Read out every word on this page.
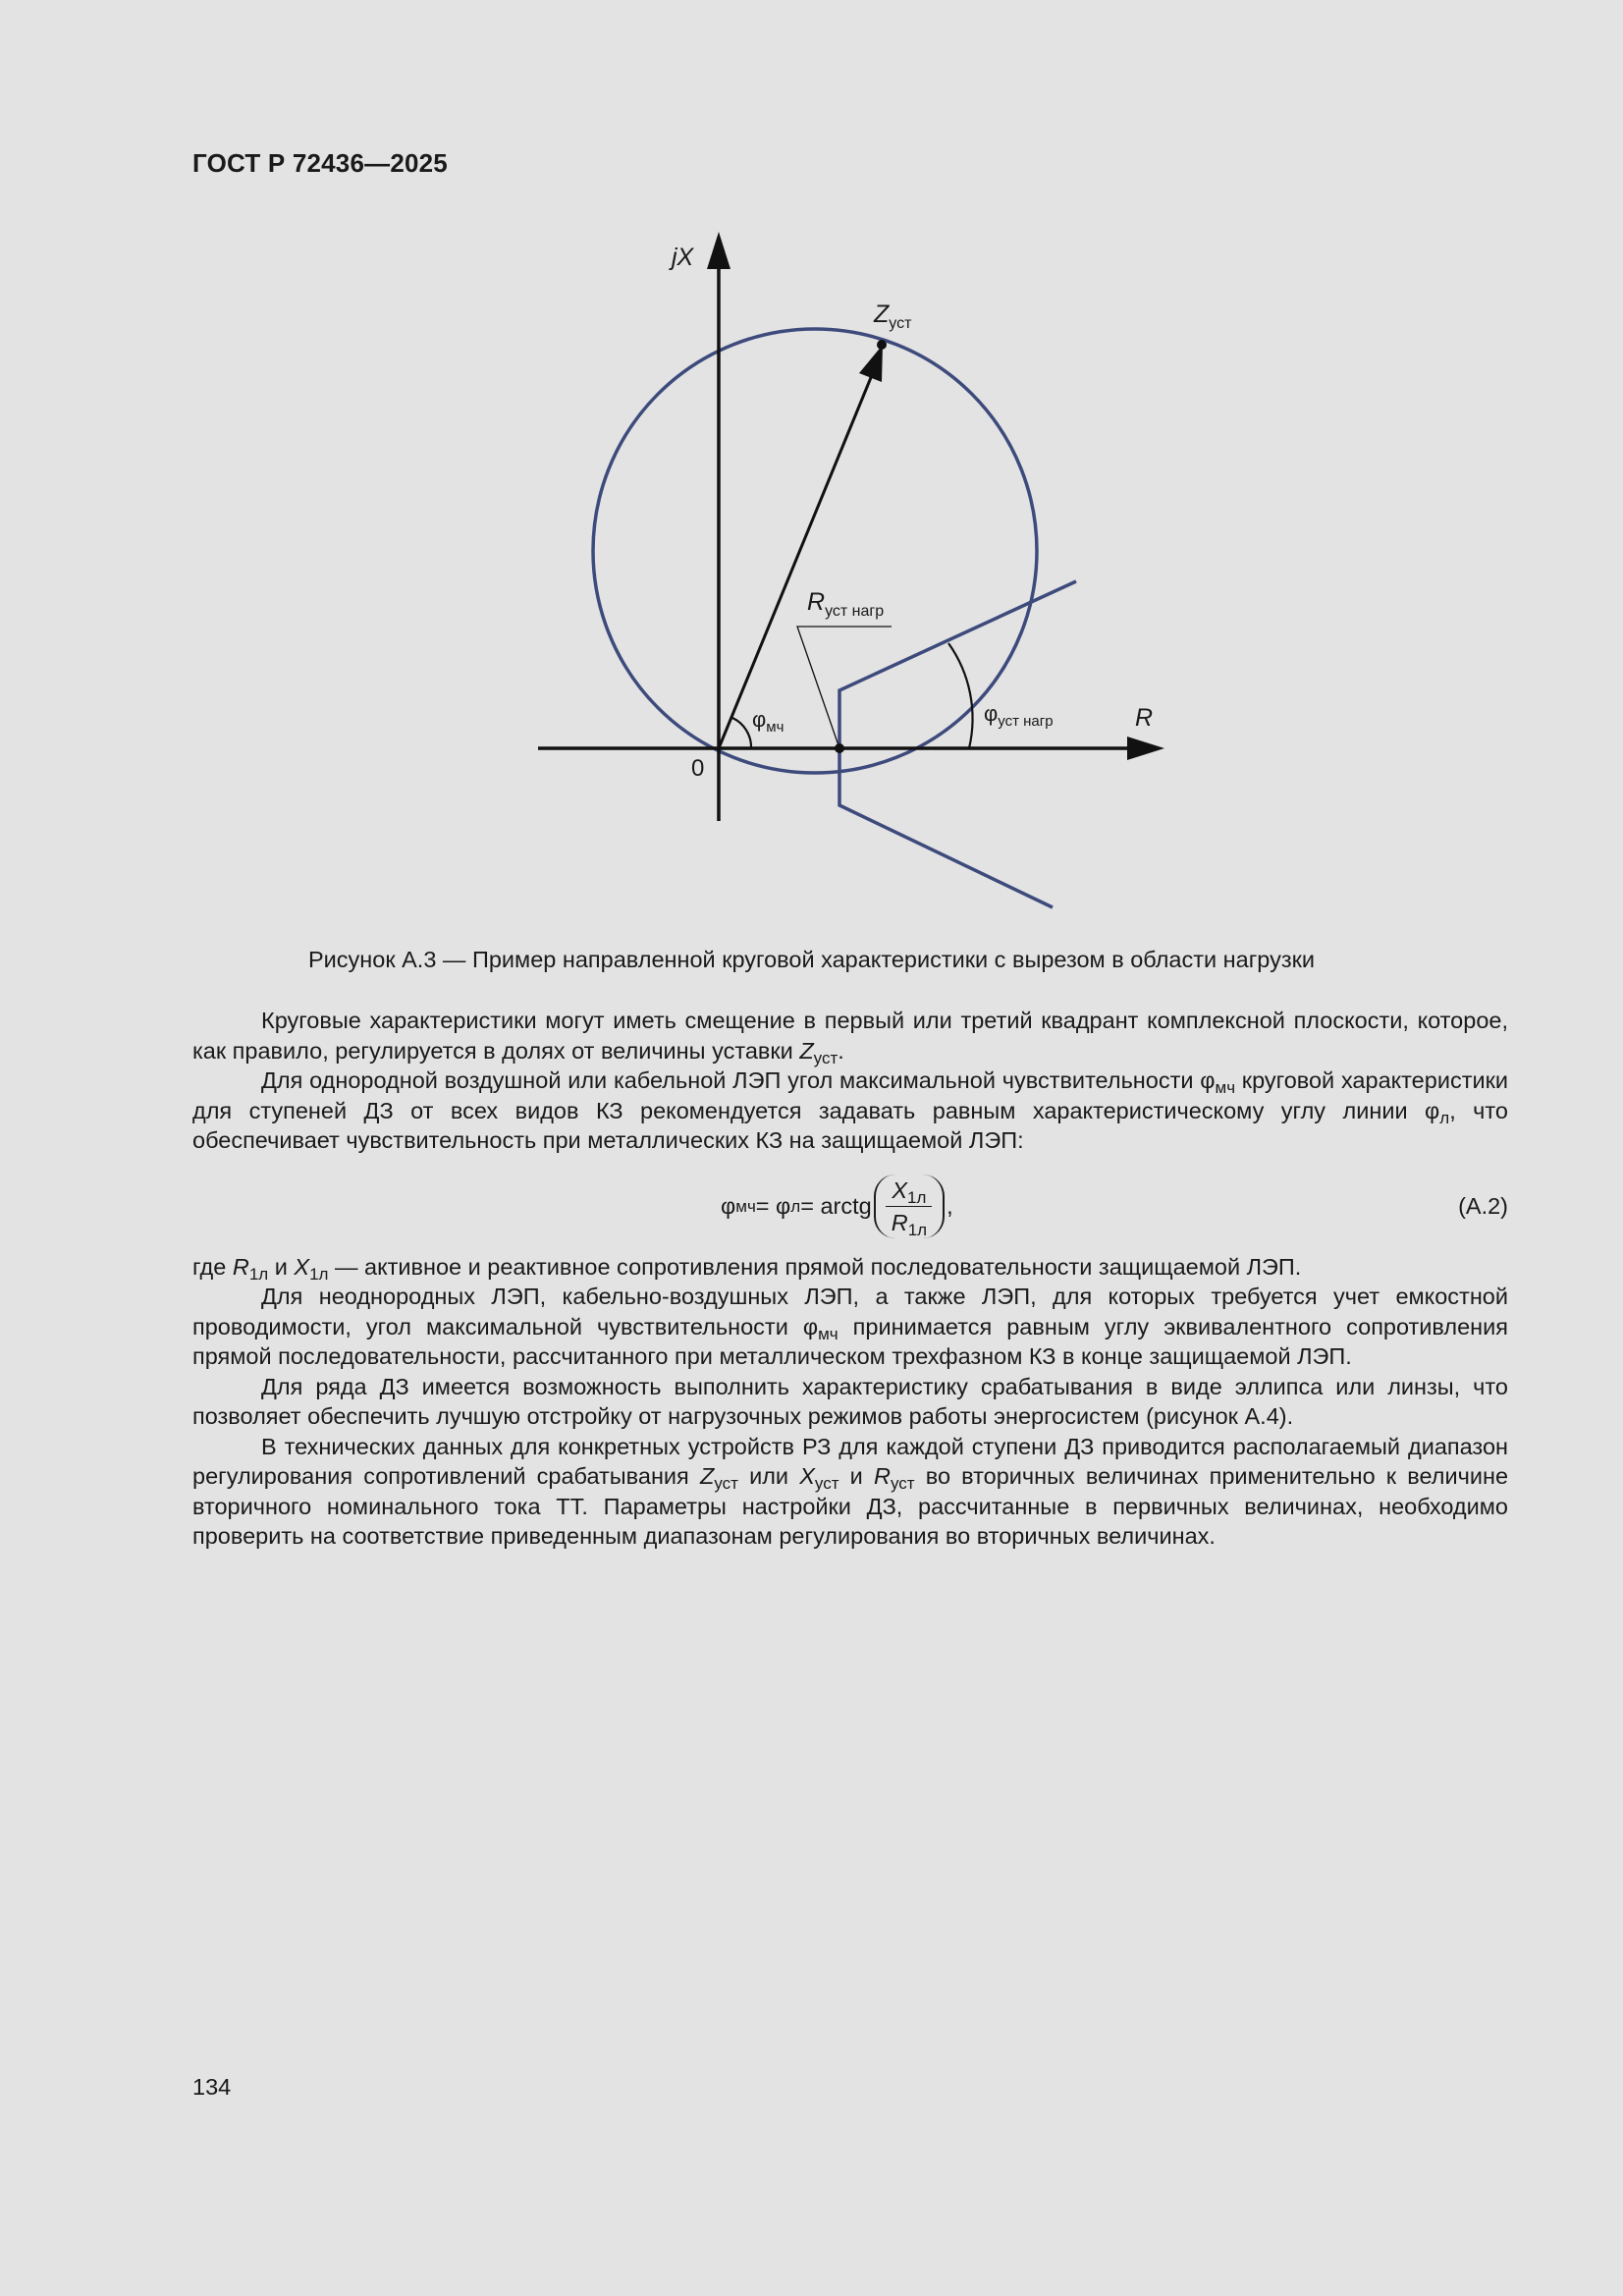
ГОСТ Р 72436—2025
jX
R
0
$Z_{уст}$
$R_{уст нагр}$
$\varphi_{мч}$
$\varphi_{уст нагр}$
Рисунок А.3 — Пример направленной круговой характеристики с вырезом в области нагрузки

Круговые характеристики могут иметь смещение в первый или третий квадрант комплексной плоскости, которое, как правило, регулируется в долях от величины уставки $Z_{уст}$.

Для однородной воздушной или кабельной ЛЭП угол максимальной чувствительности $\varphi_{мч}$ круговой характеристики для ступеней ДЗ от всех видов КЗ рекомендуется задавать равным характеристическому углу линии $\varphi_л$, что обеспечивает чувствительность при металлических КЗ на защищаемой ЛЭП:

φ мч = φ л = arctg $\frac{X_{1л}}{R_{1л}}$ ,	(А.2)

где $R_{1л}$ и $X_{1л}$ — активное и реактивное сопротивления прямой последовательности защищаемой ЛЭП.

Для неоднородных ЛЭП, кабельно-воздушных ЛЭП, а также ЛЭП, для которых требуется учет емкостной проводимости, угол максимальной чувствительности $\varphi_{мч}$ принимается равным углу эквивалентного сопротивления прямой последовательности, рассчитанного при металлическом трехфазном КЗ в конце защищаемой ЛЭП.

Для ряда ДЗ имеется возможность выполнить характеристику срабатывания в виде эллипса или линзы, что позволяет обеспечить лучшую отстройку от нагрузочных режимов работы энергосистем (рисунок А.4).

В технических данных для конкретных устройств РЗ для каждой ступени ДЗ приводится располагаемый диапазон регулирования сопротивлений срабатывания $Z_{уст}$ или $X_{уст}$ и $R_{уст}$ во вторичных величинах применительно к величине вторичного номинального тока ТТ. Параметры настройки ДЗ, рассчитанные в первичных величинах, необходимо проверить на соответствие приведенным диапазонам регулирования во вторичных величинах.

134
